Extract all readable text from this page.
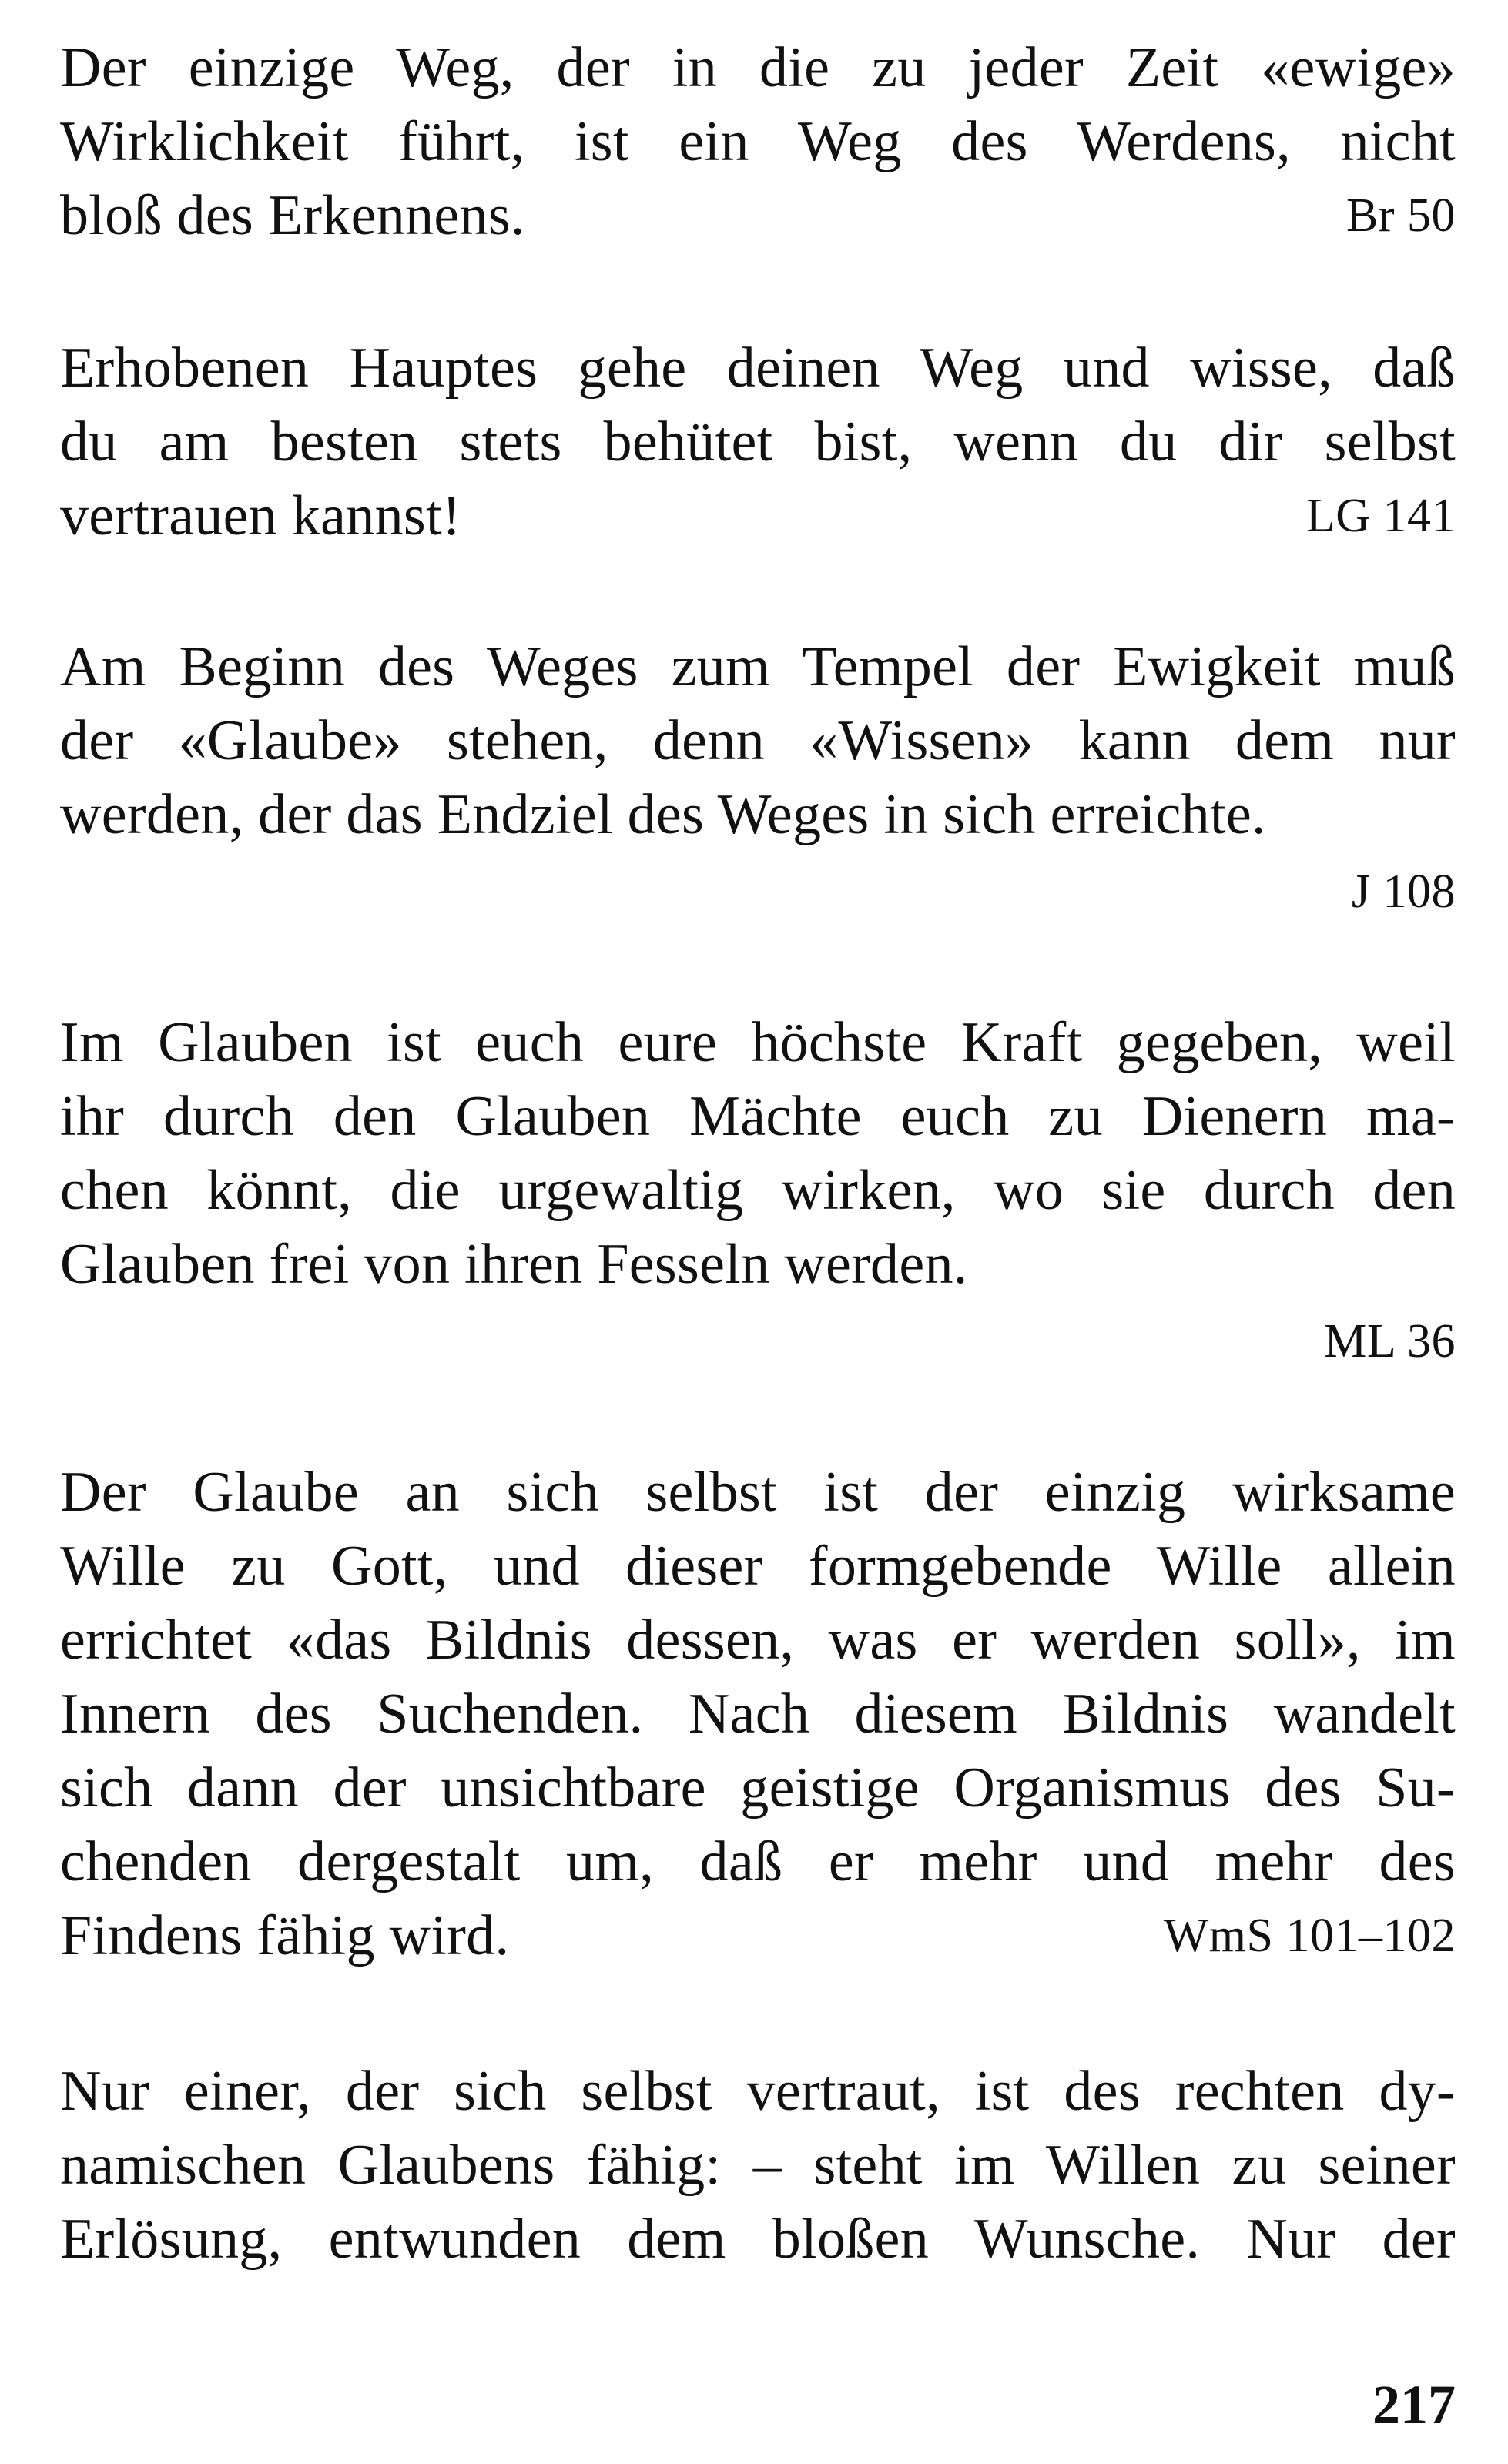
Der einzige Weg, der in die zu jeder Zeit «ewige»
Wirklichkeit führt, ist ein Weg des Werdens, nicht
bloß des Erkennens.	Br 50
Erhobenen Hauptes gehe deinen Weg und wisse, daß
du am besten stets behütet bist, wenn du dir selbst
vertrauen kannst!	LG 141
Am Beginn des Weges zum Tempel der Ewigkeit muß
der «Glaube» stehen, denn «Wissen» kann dem nur
werden, der das Endziel des Weges in sich erreichte.
J 108
Im Glauben ist euch eure höchste Kraft gegeben, weil
ihr durch den Glauben Mächte euch zu Dienern ma-
chen könnt, die urgewaltig wirken, wo sie durch den
Glauben frei von ihren Fesseln werden.
ML 36
Der Glaube an sich selbst ist der einzig wirksame
Wille zu Gott, und dieser formgebende Wille allein
errichtet «das Bildnis dessen, was er werden soll», im
Innern des Suchenden. Nach diesem Bildnis wandelt
sich dann der unsichtbare geistige Organismus des Su-
chenden dergestalt um, daß er mehr und mehr des
Findens fähig wird.	WmS 101–102
Nur einer, der sich selbst vertraut, ist des rechten dy-
namischen Glaubens fähig: – steht im Willen zu seiner
Erlösung, entwunden dem bloßen Wunsche. Nur der
217
